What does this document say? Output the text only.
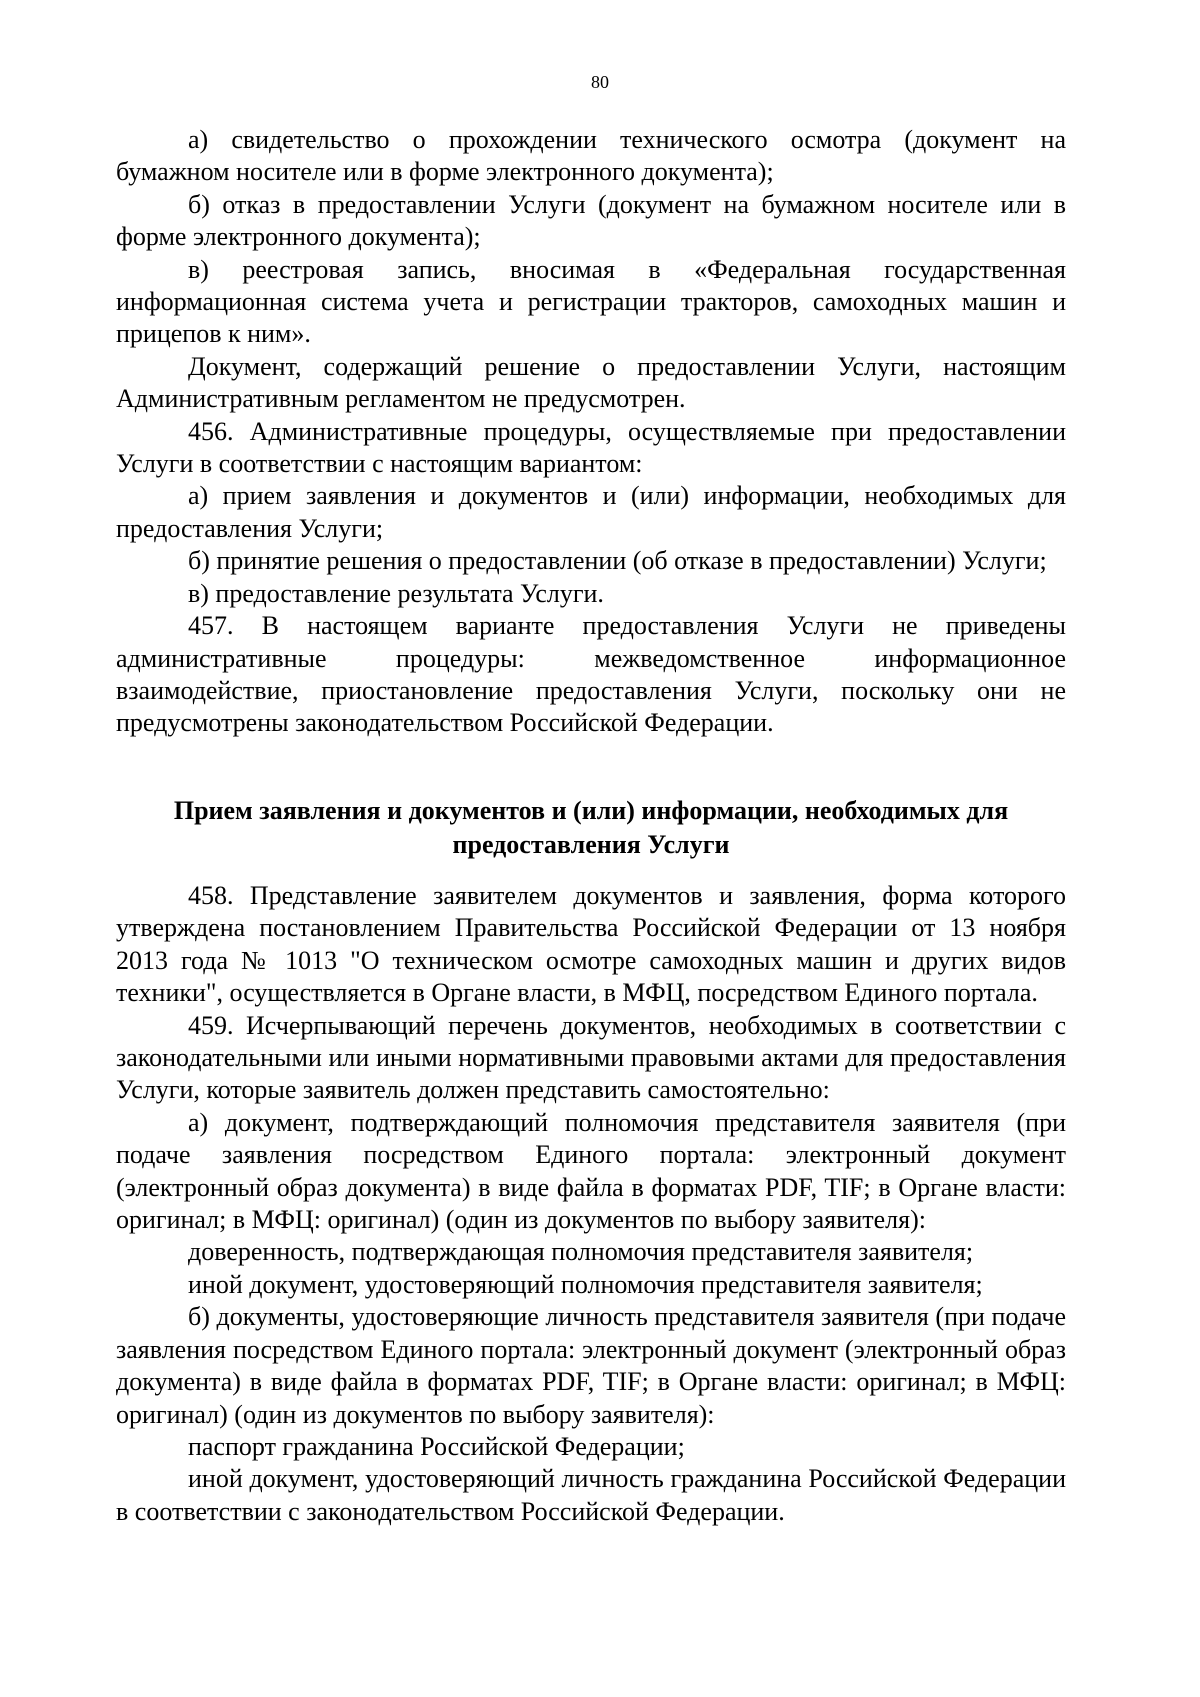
80

а) свидетельство о прохождении технического осмотра (документ на бумажном носителе или в форме электронного документа);

б) отказ в предоставлении Услуги (документ на бумажном носителе или в форме электронного документа);

в) реестровая запись, вносимая в «Федеральная государственная информационная система учета и регистрации тракторов, самоходных машин и прицепов к ним».

Документ, содержащий решение о предоставлении Услуги, настоящим Административным регламентом не предусмотрен.

456. Административные процедуры, осуществляемые при предоставлении Услуги в соответствии с настоящим вариантом:

а) прием заявления и документов и (или) информации, необходимых для предоставления Услуги;

б) принятие решения о предоставлении (об отказе в предоставлении) Услуги;

в) предоставление результата Услуги.

457. В настоящем варианте предоставления Услуги не приведены административные процедуры: межведомственное информационное взаимодействие, приостановление предоставления Услуги, поскольку они не предусмотрены законодательством Российской Федерации.

Прием заявления и документов и (или) информации, необходимых для
предоставления Услуги

458. Представление заявителем документов и заявления, форма которого утверждена постановлением Правительства Российской Федерации от 13 ноября 2013 года № 1013 "О техническом осмотре самоходных машин и других видов техники", осуществляется в Органе власти, в МФЦ, посредством Единого портала.

459. Исчерпывающий перечень документов, необходимых в соответствии с законодательными или иными нормативными правовыми актами для предоставления Услуги, которые заявитель должен представить самостоятельно:

а) документ, подтверждающий полномочия представителя заявителя (при подаче заявления посредством Единого портала: электронный документ (электронный образ документа) в виде файла в форматах PDF, TIF; в Органе власти: оригинал; в МФЦ: оригинал) (один из документов по выбору заявителя):

доверенность, подтверждающая полномочия представителя заявителя;

иной документ, удостоверяющий полномочия представителя заявителя;

б) документы, удостоверяющие личность представителя заявителя (при подаче заявления посредством Единого портала: электронный документ (электронный образ документа) в виде файла в форматах PDF, TIF; в Органе власти: оригинал; в МФЦ: оригинал) (один из документов по выбору заявителя):

паспорт гражданина Российской Федерации;

иной документ, удостоверяющий личность гражданина Российской Федерации в соответствии с законодательством Российской Федерации.
